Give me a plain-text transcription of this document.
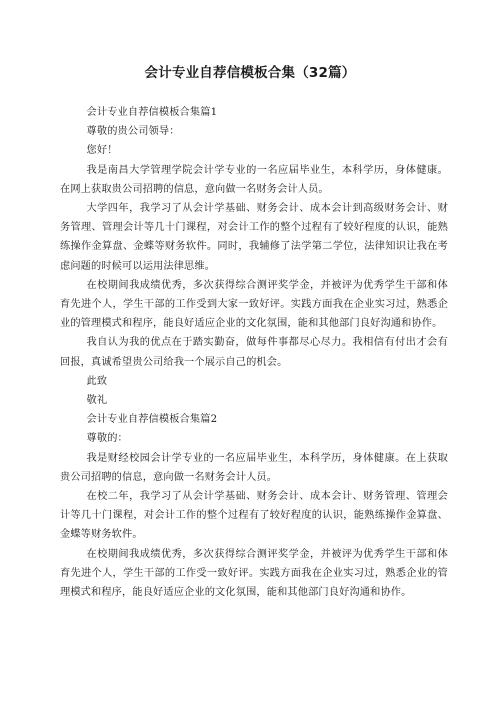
会计专业自荐信模板合集（32篇）

会计专业自荐信模板合集篇1

尊敬的贵公司领导：

您好！

我是南昌大学管理学院会计学专业的一名应届毕业生，本科学历，身体健康。在网上获取贵公司招聘的信息，意向做一名财务会计人员。

大学四年，我学习了从会计学基础、财务会计、成本会计到高级财务会计、财务管理、管理会计等几十门课程，对会计工作的整个过程有了较好程度的认识，能熟练操作金算盘、金蝶等财务软件。同时，我辅修了法学第二学位，法律知识让我在考虑问题的时候可以运用法律思维。

在校期间我成绩优秀，多次获得综合测评奖学金，并被评为优秀学生干部和体育先进个人，学生干部的工作受到大家一致好评。实践方面我在企业实习过，熟悉企业的管理模式和程序，能良好适应企业的文化氛围，能和其他部门良好沟通和协作。

我自认为我的优点在于踏实勤奋，做每件事都尽心尽力。我相信有付出才会有回报，真诚希望贵公司给我一个展示自己的机会。

此致

敬礼

会计专业自荐信模板合集篇2

尊敬的：

我是财经校园会计学专业的一名应届毕业生，本科学历，身体健康。在上获取贵公司招聘的信息，意向做一名财务会计人员。

在校二年，我学习了从会计学基础、财务会计、成本会计、财务管理、管理会计等几十门课程，对会计工作的整个过程有了较好程度的认识，能熟练操作金算盘、金蝶等财务软件。

在校期间我成绩优秀，多次获得综合测评奖学金，并被评为优秀学生干部和体育先进个人，学生干部的工作受一致好评。实践方面我在企业实习过，熟悉企业的管理模式和程序，能良好适应企业的文化氛围，能和其他部门良好沟通和协作。
